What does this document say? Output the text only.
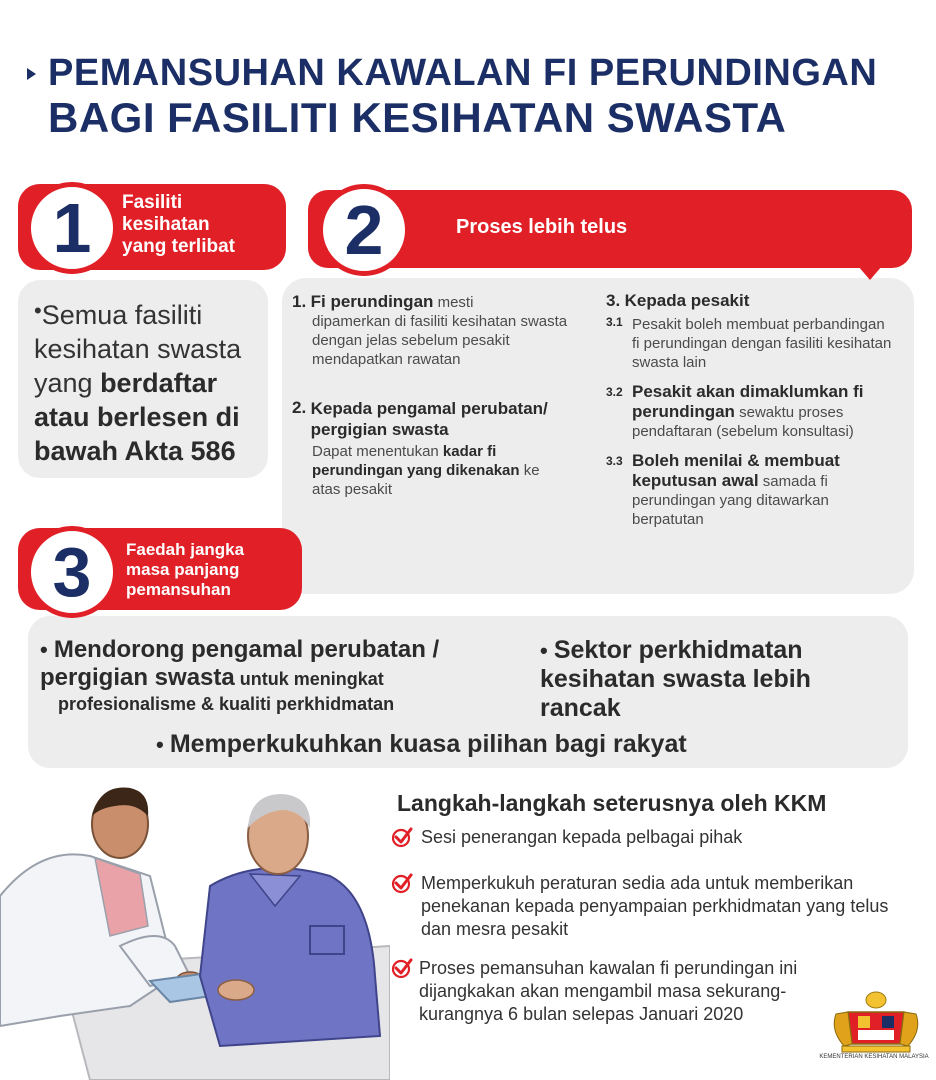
PEMANSUHAN KAWALAN FI PERUNDINGAN
BAGI FASILITI KESIHATAN SWASTA
1	Fasiliti
kesihatan
yang terlibat
•Semua fasiliti kesihatan swasta yang berdaftar atau berlesen di bawah Akta 586
2	Proses lebih telus
1. Fi perundingan mesti
dipamerkan di fasiliti kesihatan swasta dengan jelas sebelum pesakit mendapatkan rawatan
2.
Kepada pengamal perubatan/ pergigian swasta
Dapat menentukan kadar fi perundingan yang dikenakan ke atas pesakit
3. Kepada pesakit
3.1 Pesakit boleh membuat perbandingan fi perundingan dengan fasiliti kesihatan swasta lain
3.2 Pesakit akan dimaklumkan fi perundingan sewaktu proses pendaftaran (sebelum konsultasi)
3.3 Boleh menilai & membuat keputusan awal samada fi perundingan yang ditawarkan berpatutan
3	Faedah jangka
masa panjang
pemansuhan
• Mendorong pengamal perubatan / pergigian swasta untuk meningkat
profesionalisme & kualiti perkhidmatan
• Sektor perkhidmatan kesihatan swasta lebih rancak
• Memperkukuhkan kuasa pilihan bagi rakyat
Langkah-langkah seterusnya oleh KKM
Sesi penerangan kepada pelbagai pihak
Memperkukuh peraturan sedia ada untuk memberikan penekanan kepada penyampaian perkhidmatan yang telus dan mesra pesakit
Proses pemansuhan kawalan fi perundingan ini dijangkakan akan mengambil masa sekurang-kurangnya 6 bulan selepas Januari 2020
KEMENTERIAN KESIHATAN MALAYSIA
